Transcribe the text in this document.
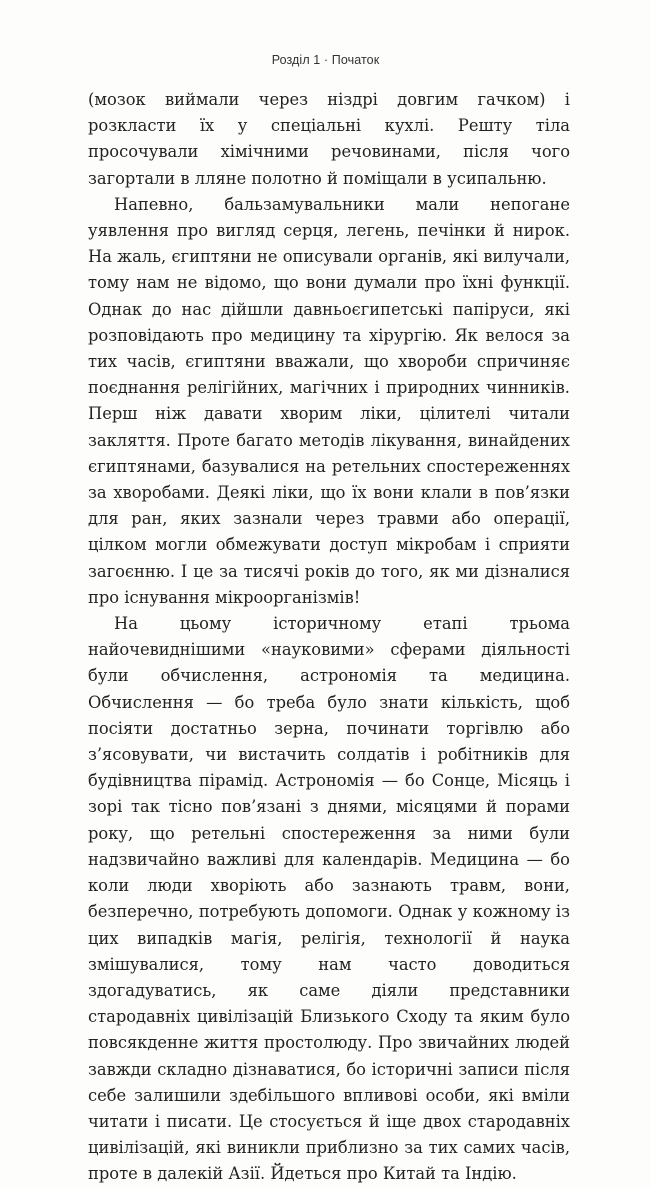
Розділ 1 · Початок

(мозок виймали через ніздрі довгим гачком) і розкласти їх у спеціальні кухлі. Решту тіла просочували хімічними речовинами, після чого загортали в лляне полотно й поміщали в усипальню.

Напевно, бальзамувальники мали непогане уявлення про вигляд серця, легень, печінки й нирок. На жаль, єгиптяни не описували органів, які вилучали, тому нам не відомо, що вони думали про їхні функції. Однак до нас дійшли давньоєгипетські папіруси, які розповідають про медицину та хірургію. Як велося за тих часів, єгиптяни вважали, що хвороби спричиняє поєднання релігійних, магічних і природних чинників. Перш ніж давати хворим ліки, цілителі читали закляття. Проте багато методів лікування, винайдених єгиптянами, базувалися на ретельних спостереженнях за хворобами. Деякі ліки, що їх вони клали в пов’язки для ран, яких зазнали через травми або операції, цілком могли обмежувати доступ мікробам і сприяти загоєнню. І це за тисячі років до того, як ми дізналися про існування мікроорганізмів!

На цьому історичному етапі трьома найочевиднішими «науковими» сферами діяльності були обчислення, астрономія та медицина. Обчислення — бо треба було знати кількість, щоб посіяти достатньо зерна, починати торгівлю або з’ясовувати, чи вистачить солдатів і робітників для будівництва пірамід. Астрономія — бо Сонце, Місяць і зорі так тісно пов’язані з днями, місяцями й порами року, що ретельні спостереження за ними були надзвичайно важливі для календарів. Медицина — бо коли люди хворіють або зазнають травм, вони, безперечно, потребують допомоги. Однак у кожному із цих випадків магія, релігія, технології й наука змішувалися, тому нам часто доводиться здогадуватись, як саме діяли представники стародавніх цивілізацій Близького Сходу та яким було повсякденне життя простолюду. Про звичайних людей завжди складно дізнаватися, бо історичні записи після себе залишили здебільшого впливові особи, які вміли читати і писати. Це стосується й іще двох стародавніх цивілізацій, які виникли приблизно за тих самих часів, проте в далекій Азії. Йдеться про Китай та Індію.
